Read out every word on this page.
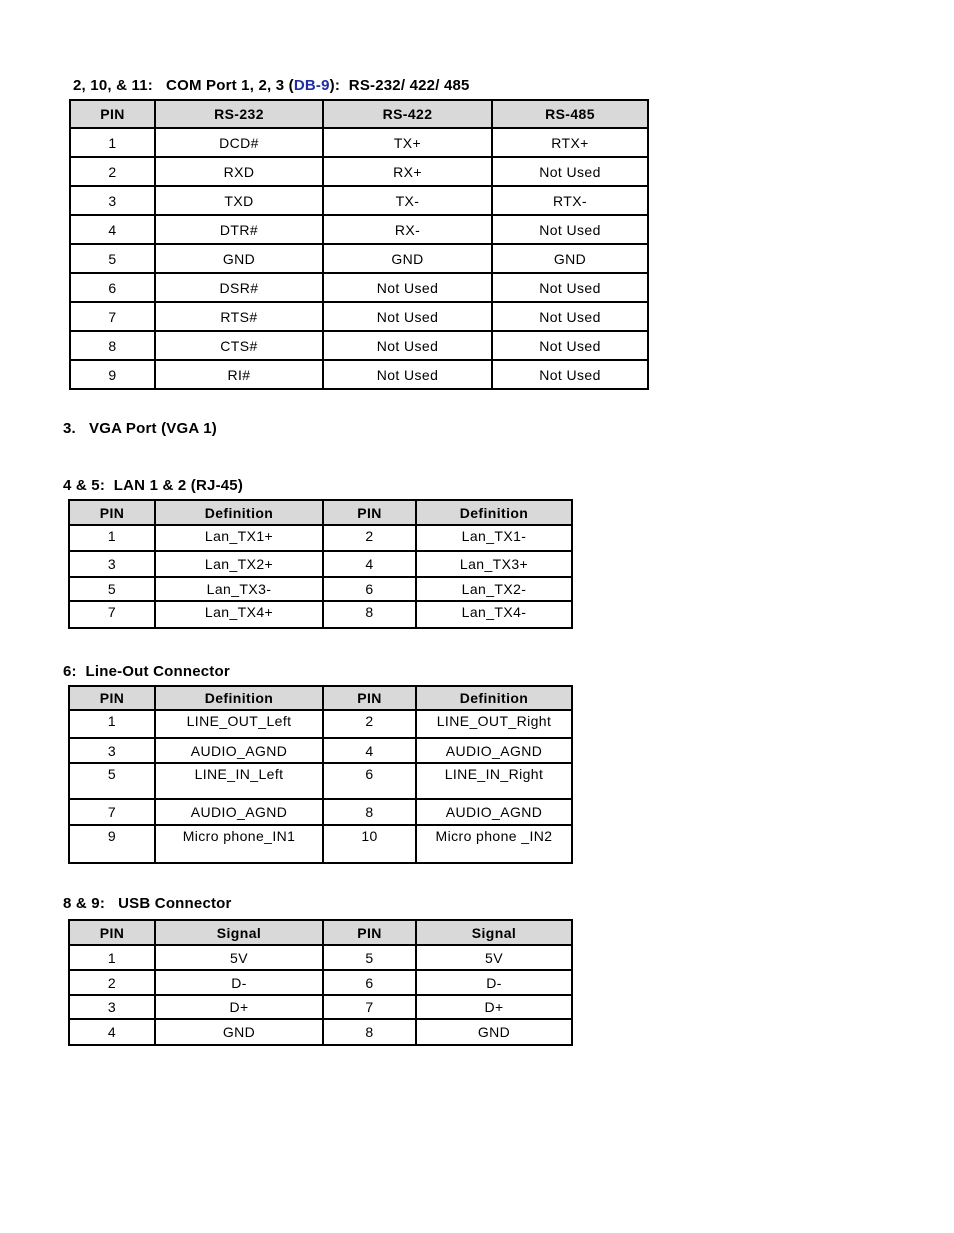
2, 10, & 11:   COM Port 1, 2, 3 (DB-9):  RS-232/ 422/ 485
PIN	RS-232	RS-422	RS-485
1	DCD#	TX+	RTX+
2	RXD	RX+	Not Used
3	TXD	TX-	RTX-
4	DTR#	RX-	Not Used
5	GND	GND	GND
6	DSR#	Not Used	Not Used
7	RTS#	Not Used	Not Used
8	CTS#	Not Used	Not Used
9	RI#	Not Used	Not Used
3.   VGA Port (VGA 1)
4 & 5:  LAN 1 & 2 (RJ-45)
PIN	Definition	PIN	Definition
1	Lan_TX1+	2	Lan_TX1-
3	Lan_TX2+	4	Lan_TX3+
5	Lan_TX3-	6	Lan_TX2-
7	Lan_TX4+	8	Lan_TX4-
6:  Line-Out Connector
PIN	Definition	PIN	Definition
1	LINE_OUT_Left	2	LINE_OUT_Right
3	AUDIO_AGND	4	AUDIO_AGND
5	LINE_IN_Left	6	LINE_IN_Right
7	AUDIO_AGND	8	AUDIO_AGND
9	Micro phone_IN1	10	Micro phone _IN2
8 & 9:   USB Connector
PIN	Signal	PIN	Signal
1	5V	5	5V
2	D-	6	D-
3	D+	7	D+
4	GND	8	GND
